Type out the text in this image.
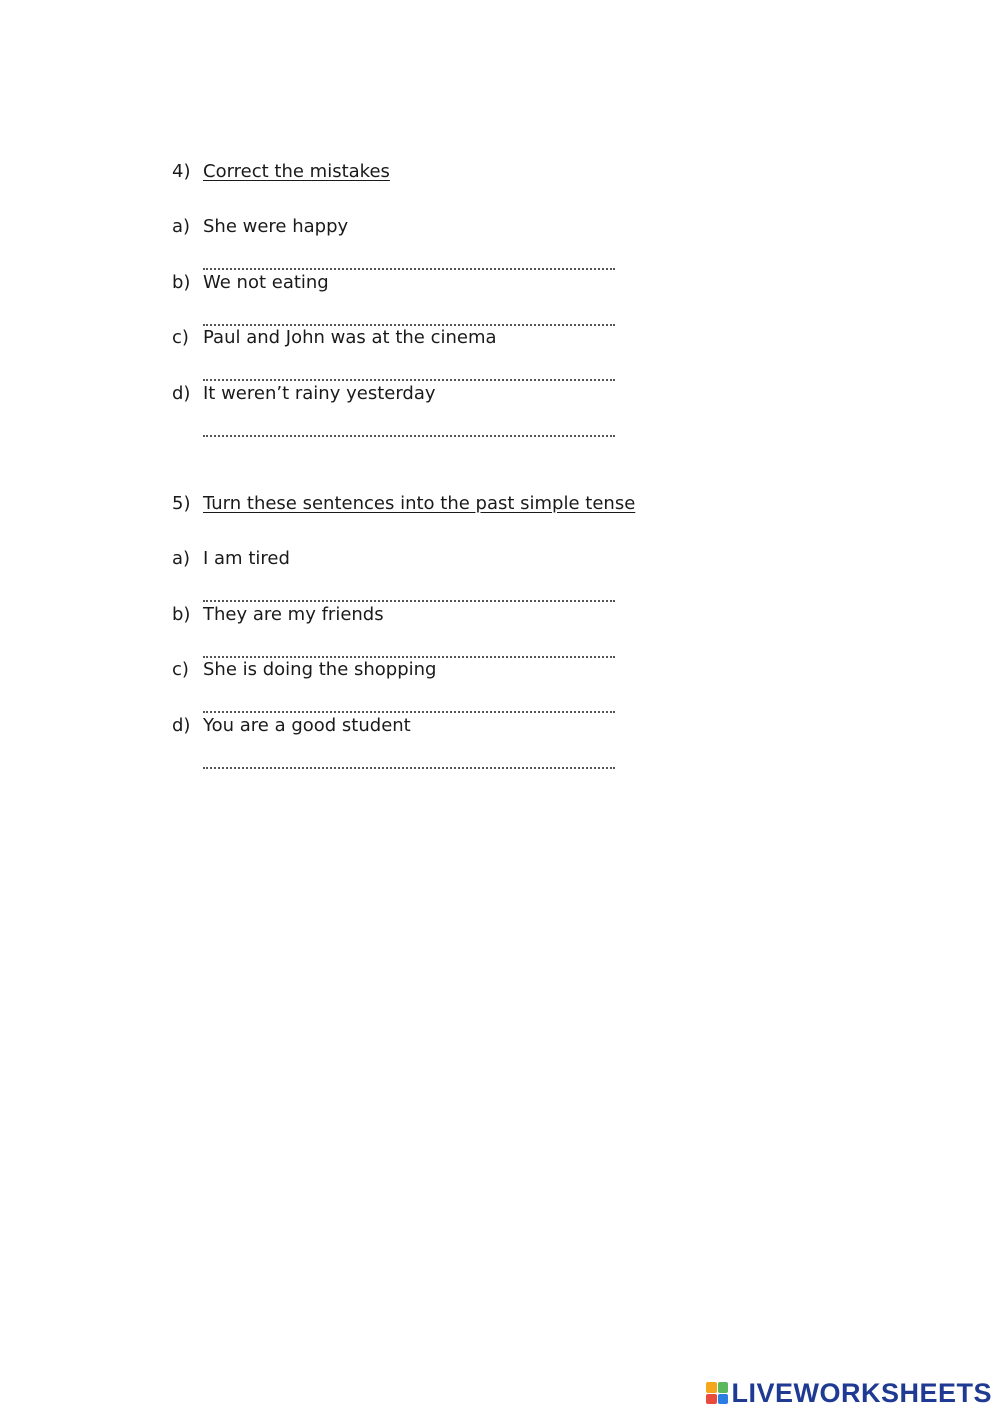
4) Correct the mistakes
a) She were happy
b) We not eating
c) Paul and John was at the cinema
d) It weren’t rainy yesterday
5) Turn these sentences into the past simple tense
a) I am tired
b) They are my friends
c) She is doing the shopping
d) You are a good student
LIVEWORKSHEETS
